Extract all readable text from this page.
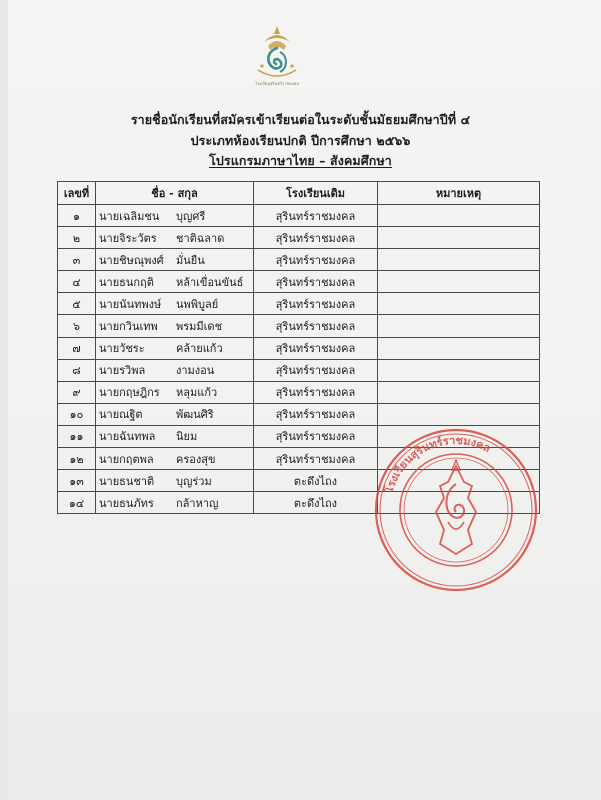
โรงเรียนสุรินทร์ราชมงคล
รายชื่อนักเรียนที่สมัครเข้าเรียนต่อในระดับชั้นมัธยมศึกษาปีที่ ๔
ประเภทห้องเรียนปกติ ปีการศึกษา ๒๕๖๖
โปรแกรมภาษาไทย – สังคมศึกษา
เลขที่	ชื่อ - สกุล	โรงเรียนเดิม	หมายเหตุ
๑	นายเฉลิมชน บุญศรี	สุรินทร์ราชมงคล	
๒	นายจิระวัตร ชาติฉลาด	สุรินทร์ราชมงคล	
๓	นายชิษณุพงศ์ มั่นยืน	สุรินทร์ราชมงคล	
๔	นายธนกฤติ หล้าเขื่อนขันธ์	สุรินทร์ราชมงคล	
๕	นายนันทพงษ์ นพพิบูลย์	สุรินทร์ราชมงคล	
๖	นายกวินเทพ พรมมีเดช	สุรินทร์ราชมงคล	
๗	นายวัชระ คล้ายแก้ว	สุรินทร์ราชมงคล	
๘	นายรวิพล งามงอน	สุรินทร์ราชมงคล	
๙	นายกฤษฎิกร หลุมแก้ว	สุรินทร์ราชมงคล	
๑๐	นายณฐิต พัฒนศิริ	สุรินทร์ราชมงคล	
๑๑	นายฉันทพล นิยม	สุรินทร์ราชมงคล	
๑๒	นายกฤตพล ครองสุข	สุรินทร์ราชมงคล	
๑๓	นายธนชาติ บุญร่วม	ตะดึงไถง	
๑๔	นายธนภัทร กล้าหาญ	ตะดึงไถง	
โรงเรียนสุรินทร์ราชมงคล
